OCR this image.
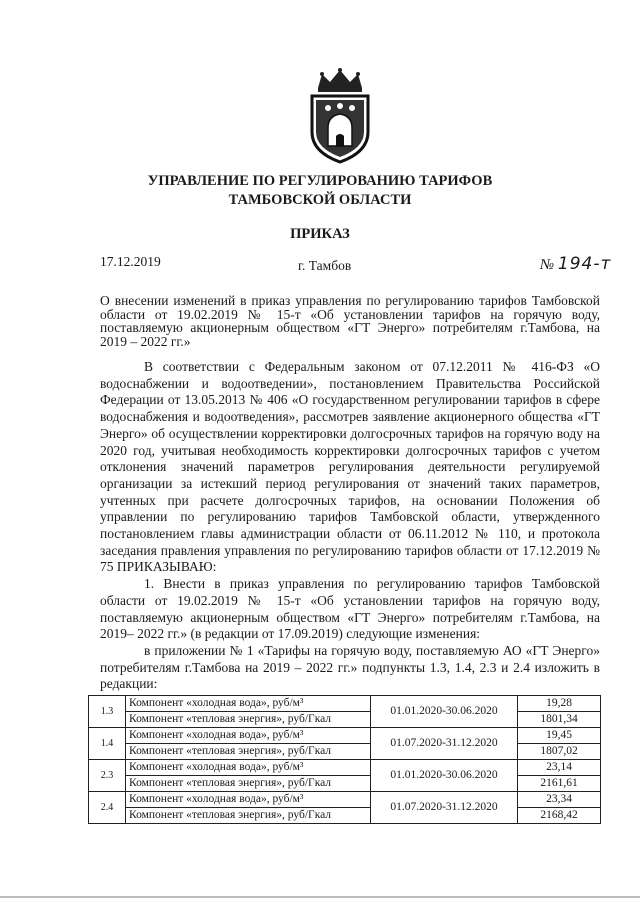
УПРАВЛЕНИЕ ПО РЕГУЛИРОВАНИЮ ТАРИФОВ
ТАМБОВСКОЙ ОБЛАСТИ
ПРИКАЗ
17.12.2019	г. Тамбов	№ 194-т
О внесении изменений в приказ управления по регулированию тарифов Тамбовской области от 19.02.2019 № 15-т «Об установлении тарифов на горячую воду, поставляемую акционерным обществом «ГТ Энерго» потребителям г.Тамбова, на 2019 – 2022 гг.»

В соответствии с Федеральным законом от 07.12.2011 № 416-ФЗ «О водоснабжении и водоотведении», постановлением Правительства Российской Федерации от 13.05.2013 № 406 «О государственном регулировании тарифов в сфере водоснабжения и водоотведения», рассмотрев заявление акционерного общества «ГТ Энерго» об осуществлении корректировки долгосрочных тарифов на горячую воду на 2020 год, учитывая необходимость корректировки долгосрочных тарифов с учетом отклонения значений параметров регулирования деятельности регулируемой организации за истекший период регулирования от значений таких параметров, учтенных при расчете долгосрочных тарифов, на основании Положения об управлении по регулированию тарифов Тамбовской области, утвержденного постановлением главы администрации области от 06.11.2012 № 110, и протокола заседания правления управления по регулированию тарифов области от 17.12.2019 № 75 ПРИКАЗЫВАЮ:

1. Внести в приказ управления по регулированию тарифов Тамбовской области от 19.02.2019 № 15-т «Об установлении тарифов на горячую воду, поставляемую акционерным обществом «ГТ Энерго» потребителям г.Тамбова, на 2019– 2022 гг.» (в редакции от 17.09.2019) следующие изменения:

в приложении № 1 «Тарифы на горячую воду, поставляемую АО «ГТ Энерго» потребителям г.Тамбова на 2019 – 2022 гг.» подпункты 1.3, 1.4, 2.3 и 2.4 изложить в редакции:

1.3	Компонент «холодная вода», руб/м³	01.01.2020-30.06.2020	19,28
	Компонент «тепловая энергия», руб/Гкал		1801,34
1.4	Компонент «холодная вода», руб/м³	01.07.2020-31.12.2020	19,45
	Компонент «тепловая энергия», руб/Гкал		1807,02
2.3	Компонент «холодная вода», руб/м³	01.01.2020-30.06.2020	23,14
	Компонент «тепловая энергия», руб/Гкал		2161,61
2.4	Компонент «холодная вода», руб/м³	01.07.2020-31.12.2020	23,34
	Компонент «тепловая энергия», руб/Гкал		2168,42
